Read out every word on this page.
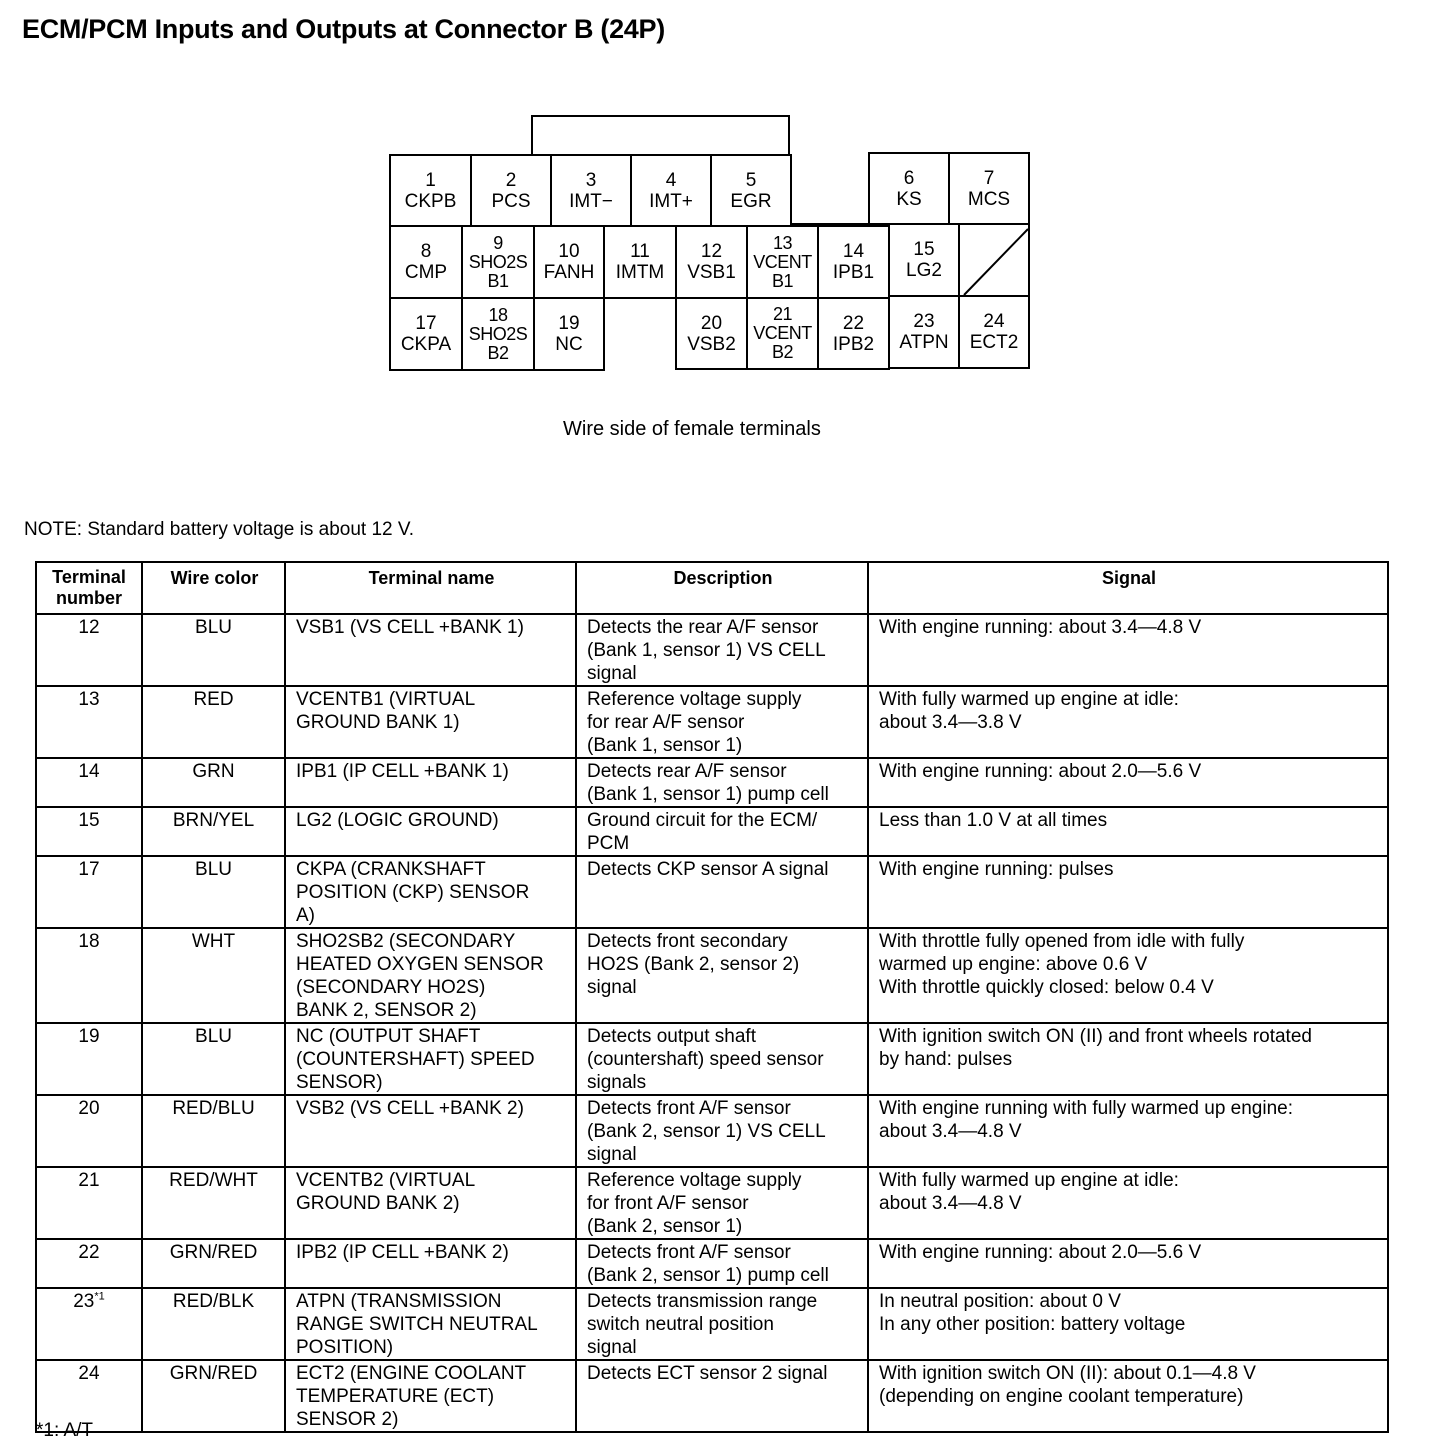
ECM/PCM Inputs and Outputs at Connector B (24P)
1
CKPB
2
PCS
3
IMT−
4
IMT+
5
EGR
6
KS
7
MCS
8
CMP
9
SHO2S
B1
10
FANH
11
IMTM
12
VSB1
13
VCENT
B1
14
IPB1
15
LG2
17
CKPA
18
SHO2S
B2
19
NC
20
VSB2
21
VCENT
B2
22
IPB2
23
ATPN
24
ECT2
Wire side of female terminals
NOTE: Standard battery voltage is about 12 V.
Terminal
number	Wire color	Terminal name	Description	Signal
12	BLU	VSB1 (VS CELL +BANK 1)	Detects the rear A/F sensor
(Bank 1, sensor 1) VS CELL
signal	With engine running: about 3.4—4.8 V

13	RED	VCENTB1 (VIRTUAL
GROUND BANK 1)	Reference voltage supply
for rear A/F sensor
(Bank 1, sensor 1)	With fully warmed up engine at idle:
about 3.4—3.8 V

14	GRN	IPB1 (IP CELL +BANK 1)	Detects rear A/F sensor
(Bank 1, sensor 1) pump cell	With engine running: about 2.0—5.6 V

15	BRN/YEL	LG2 (LOGIC GROUND)	Ground circuit for the ECM/
PCM	Less than 1.0 V at all times

17	BLU	CKPA (CRANKSHAFT
POSITION (CKP) SENSOR
A)	Detects CKP sensor A signal	With engine running: pulses

18	WHT	SHO2SB2 (SECONDARY
HEATED OXYGEN SENSOR
(SECONDARY HO2S)
BANK 2, SENSOR 2)	Detects front secondary
HO2S (Bank 2, sensor 2)
signal	With throttle fully opened from idle with fully
warmed up engine: above 0.6 V
With throttle quickly closed: below 0.4 V

19	BLU	NC (OUTPUT SHAFT
(COUNTERSHAFT) SPEED
SENSOR)	Detects output shaft
(countershaft) speed sensor
signals	With ignition switch ON (II) and front wheels rotated
by hand: pulses

20	RED/BLU	VSB2 (VS CELL +BANK 2)	Detects front A/F sensor
(Bank 2, sensor 1) VS CELL
signal	With engine running with fully warmed up engine:
about 3.4—4.8 V

21	RED/WHT	VCENTB2 (VIRTUAL
GROUND BANK 2)	Reference voltage supply
for front A/F sensor
(Bank 2, sensor 1)	With fully warmed up engine at idle:
about 3.4—4.8 V

22	GRN/RED	IPB2 (IP CELL +BANK 2)	Detects front A/F sensor
(Bank 2, sensor 1) pump cell	With engine running: about 2.0—5.6 V

23$^{*1}$	RED/BLK	ATPN (TRANSMISSION
RANGE SWITCH NEUTRAL
POSITION)	Detects transmission range
switch neutral position
signal	In neutral position: about 0 V
In any other position: battery voltage

24	GRN/RED	ECT2 (ENGINE COOLANT
TEMPERATURE (ECT)
SENSOR 2)	Detects ECT sensor 2 signal	With ignition switch ON (II): about 0.1—4.8 V
(depending on engine coolant temperature)
*1: A/T
